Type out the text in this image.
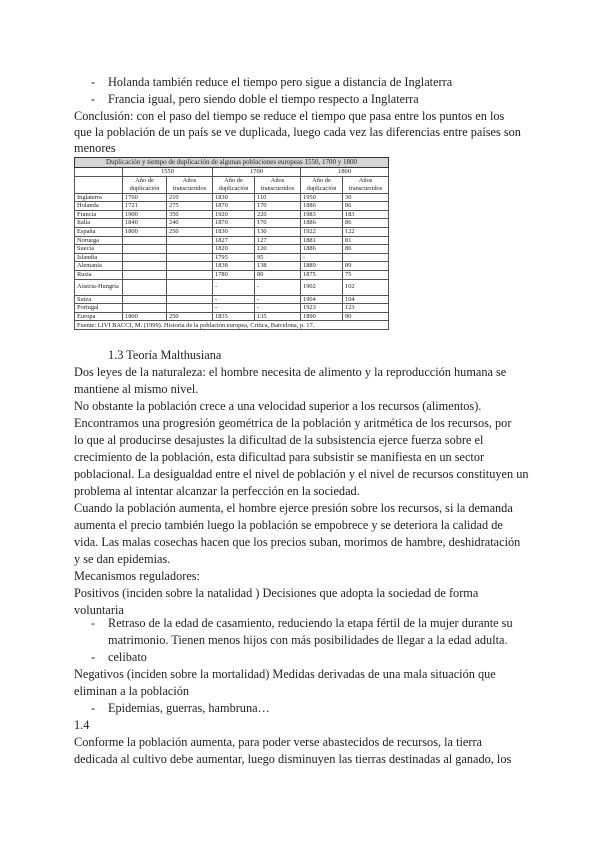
- Holanda también reduce el tiempo pero sigue a distancia de Inglaterra
- Francia igual, pero siendo doble el tiempo respecto a Inglaterra
Conclusión: con el paso del tiempo se reduce el tiempo que pasa entre los puntos en los
que la población de un país se ve duplicada, luego cada vez las diferencias entre países son
menores
Duplicación y tiempo de duplicación de algunas poblaciones europeas 1550, 1700 y 1800						
	1550		1700		1800	
	Año de duplicación	Años transcurridos	Año de duplicación	Años transcurridos	Año de duplicación	Años transcurridos
Inglaterra	1760	210	1830	110	1950	30
Holanda	1721	275	1870	170	1886	86
Francia	1900	350	1920	220	1983	183
Italia	1840	240	1870	170	1886	86
España	1800	250	1830	130	1922	122
Noruega			1827	127	1881	81
Suecia			1820	120	1886	86
Islandia			1795	95	-	
Alemania			1838	138	1889	89
Rusia			1780	80	1875	75
Austria-Hungría			-	-	1902	102
Suiza			-	-	1904	104
Portugal			-	-	1923	123
Europa	1800	250	1835	135	1890	90
Fuente: LIVI BACCI, M. (1999). Historia de la población europea, Crítica, Barcelona, p. 17.						
1.3 Teoría Malthusiana
Dos leyes de la naturaleza: el hombre necesita de alimento y la reproducción humana se
mantiene al mismo nivel.
No obstante la población crece a una velocidad superior a los recursos (alimentos).
Encontramos una progresión geométrica de la población y aritmética de los recursos, por
lo que al producirse desajustes la dificultad de la subsistencia ejerce fuerza sobre el
crecimiento de la población, esta dificultad para subsistir se manifiesta en un sector
poblacional. La desigualdad entre el nivel de población y el nivel de recursos constituyen un
problema al intentar alcanzar la perfección en la sociedad.
Cuando la población aumenta, el hombre ejerce presión sobre los recursos, si la demanda
aumenta el precio también luego la población se empobrece y se deteriora la calidad de
vida. Las malas cosechas hacen que los precios suban, morimos de hambre, deshidratación
y se dan epidemias.
Mecanismos reguladores:
Positivos (inciden sobre la natalidad ) Decisiones que adopta la sociedad de forma
voluntaria
- Retraso de la edad de casamiento, reduciendo la etapa fértil de la mujer durante su
matrimonio. Tienen menos hijos con más posibilidades de llegar a la edad adulta.
- celibato
Negativos (inciden sobre la mortalidad) Medidas derivadas de una mala situación que
eliminan a la población
- Epidemias, guerras, hambruna…
1.4
Conforme la población aumenta, para poder verse abastecidos de recursos, la tierra
dedicada al cultivo debe aumentar, luego disminuyen las tierras destinadas al ganado, los
